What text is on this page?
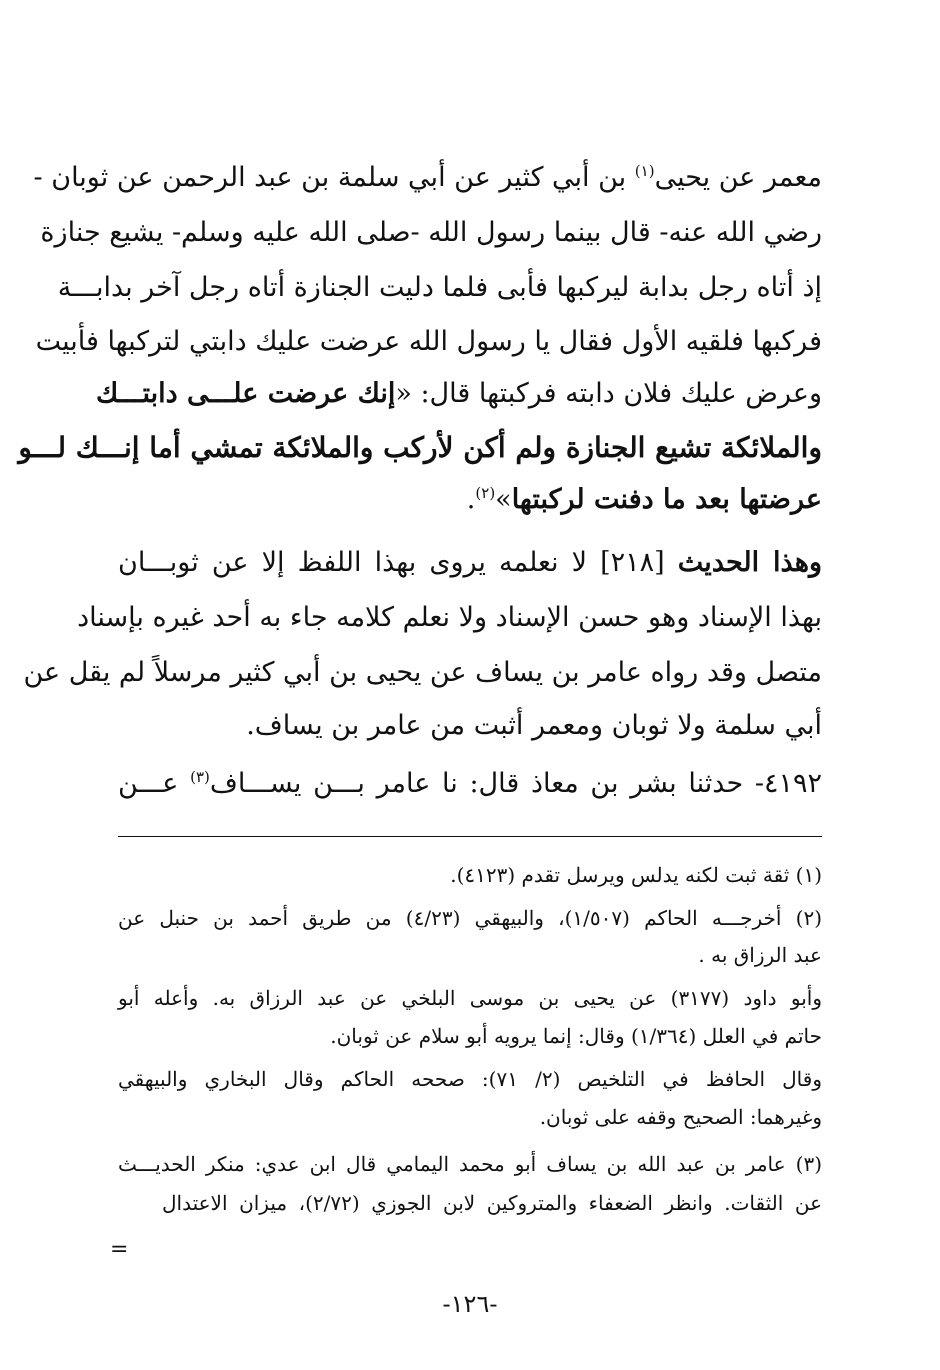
معمر عن يحيى$^{(١)}$ بن أبي كثير عن أبي سلمة بن عبد الرحمن عن ثوبان -
رضي الله عنه- قال بينما رسول الله -صلى الله عليه وسلم- يشيع جنازة
إذ أتاه رجل بدابة ليركبها فأبى فلما دليت الجنازة أتاه رجل آخر بدابـــة
فركبها فلقيه الأول فقال يا رسول الله عرضت عليك دابتي لتركبها فأبيت
وعرض عليك فلان دابته فركبتها قال: «إنك عرضت علـــى دابتـــك
والملائكة تشيع الجنازة ولم أكن لأركب والملائكة تمشي أما إنـــك لـــو
عرضتها بعد ما دفنت لركبتها»$^{(٢)}$.
وهذا الحديث [٢١٨] لا نعلمه يروى بهذا اللفظ إلا عن ثوبـــان
بهذا الإسناد وهو حسن الإسناد ولا نعلم كلامه جاء به أحد غيره بإسناد
متصل وقد رواه عامر بن يساف عن يحيى بن أبي كثير مرسلاً لم يقل عن
أبي سلمة ولا ثوبان ومعمر أثبت من عامر بن يساف.
٤١٩٢- حدثنا بشر بن معاذ قال: نا عامر بـــن يســـاف$^{(٣)}$ عـــن
(١) ثقة ثبت لكنه يدلس ويرسل تقدم (٤١٢٣).
(٢) أخرجـــه الحاكم (١/٥٠٧)، والبيهقي (٤/٢٣) من طريق أحمد بن حنبل عن
عبد الرزاق به .
وأبو داود (٣١٧٧) عن يحيى بن موسى البلخي عن عبد الرزاق به. وأعله أبو
حاتم في العلل (١/٣٦٤) وقال: إنما يرويه أبو سلام عن ثوبان.
وقال الحافظ في التلخيص (٢/ ٧١): صححه الحاكم وقال البخاري والبيهقي
وغيرهما: الصحيح وقفه على ثوبان.
(٣) عامر بن عبد الله بن يساف أبو محمد اليمامي قال ابن عدي: منكر الحديـــث
عن الثقات. وانظر الضعفاء والمتروكين لابن الجوزي (٢/٧٢)، ميزان الاعتدال
=
-١٢٦-
